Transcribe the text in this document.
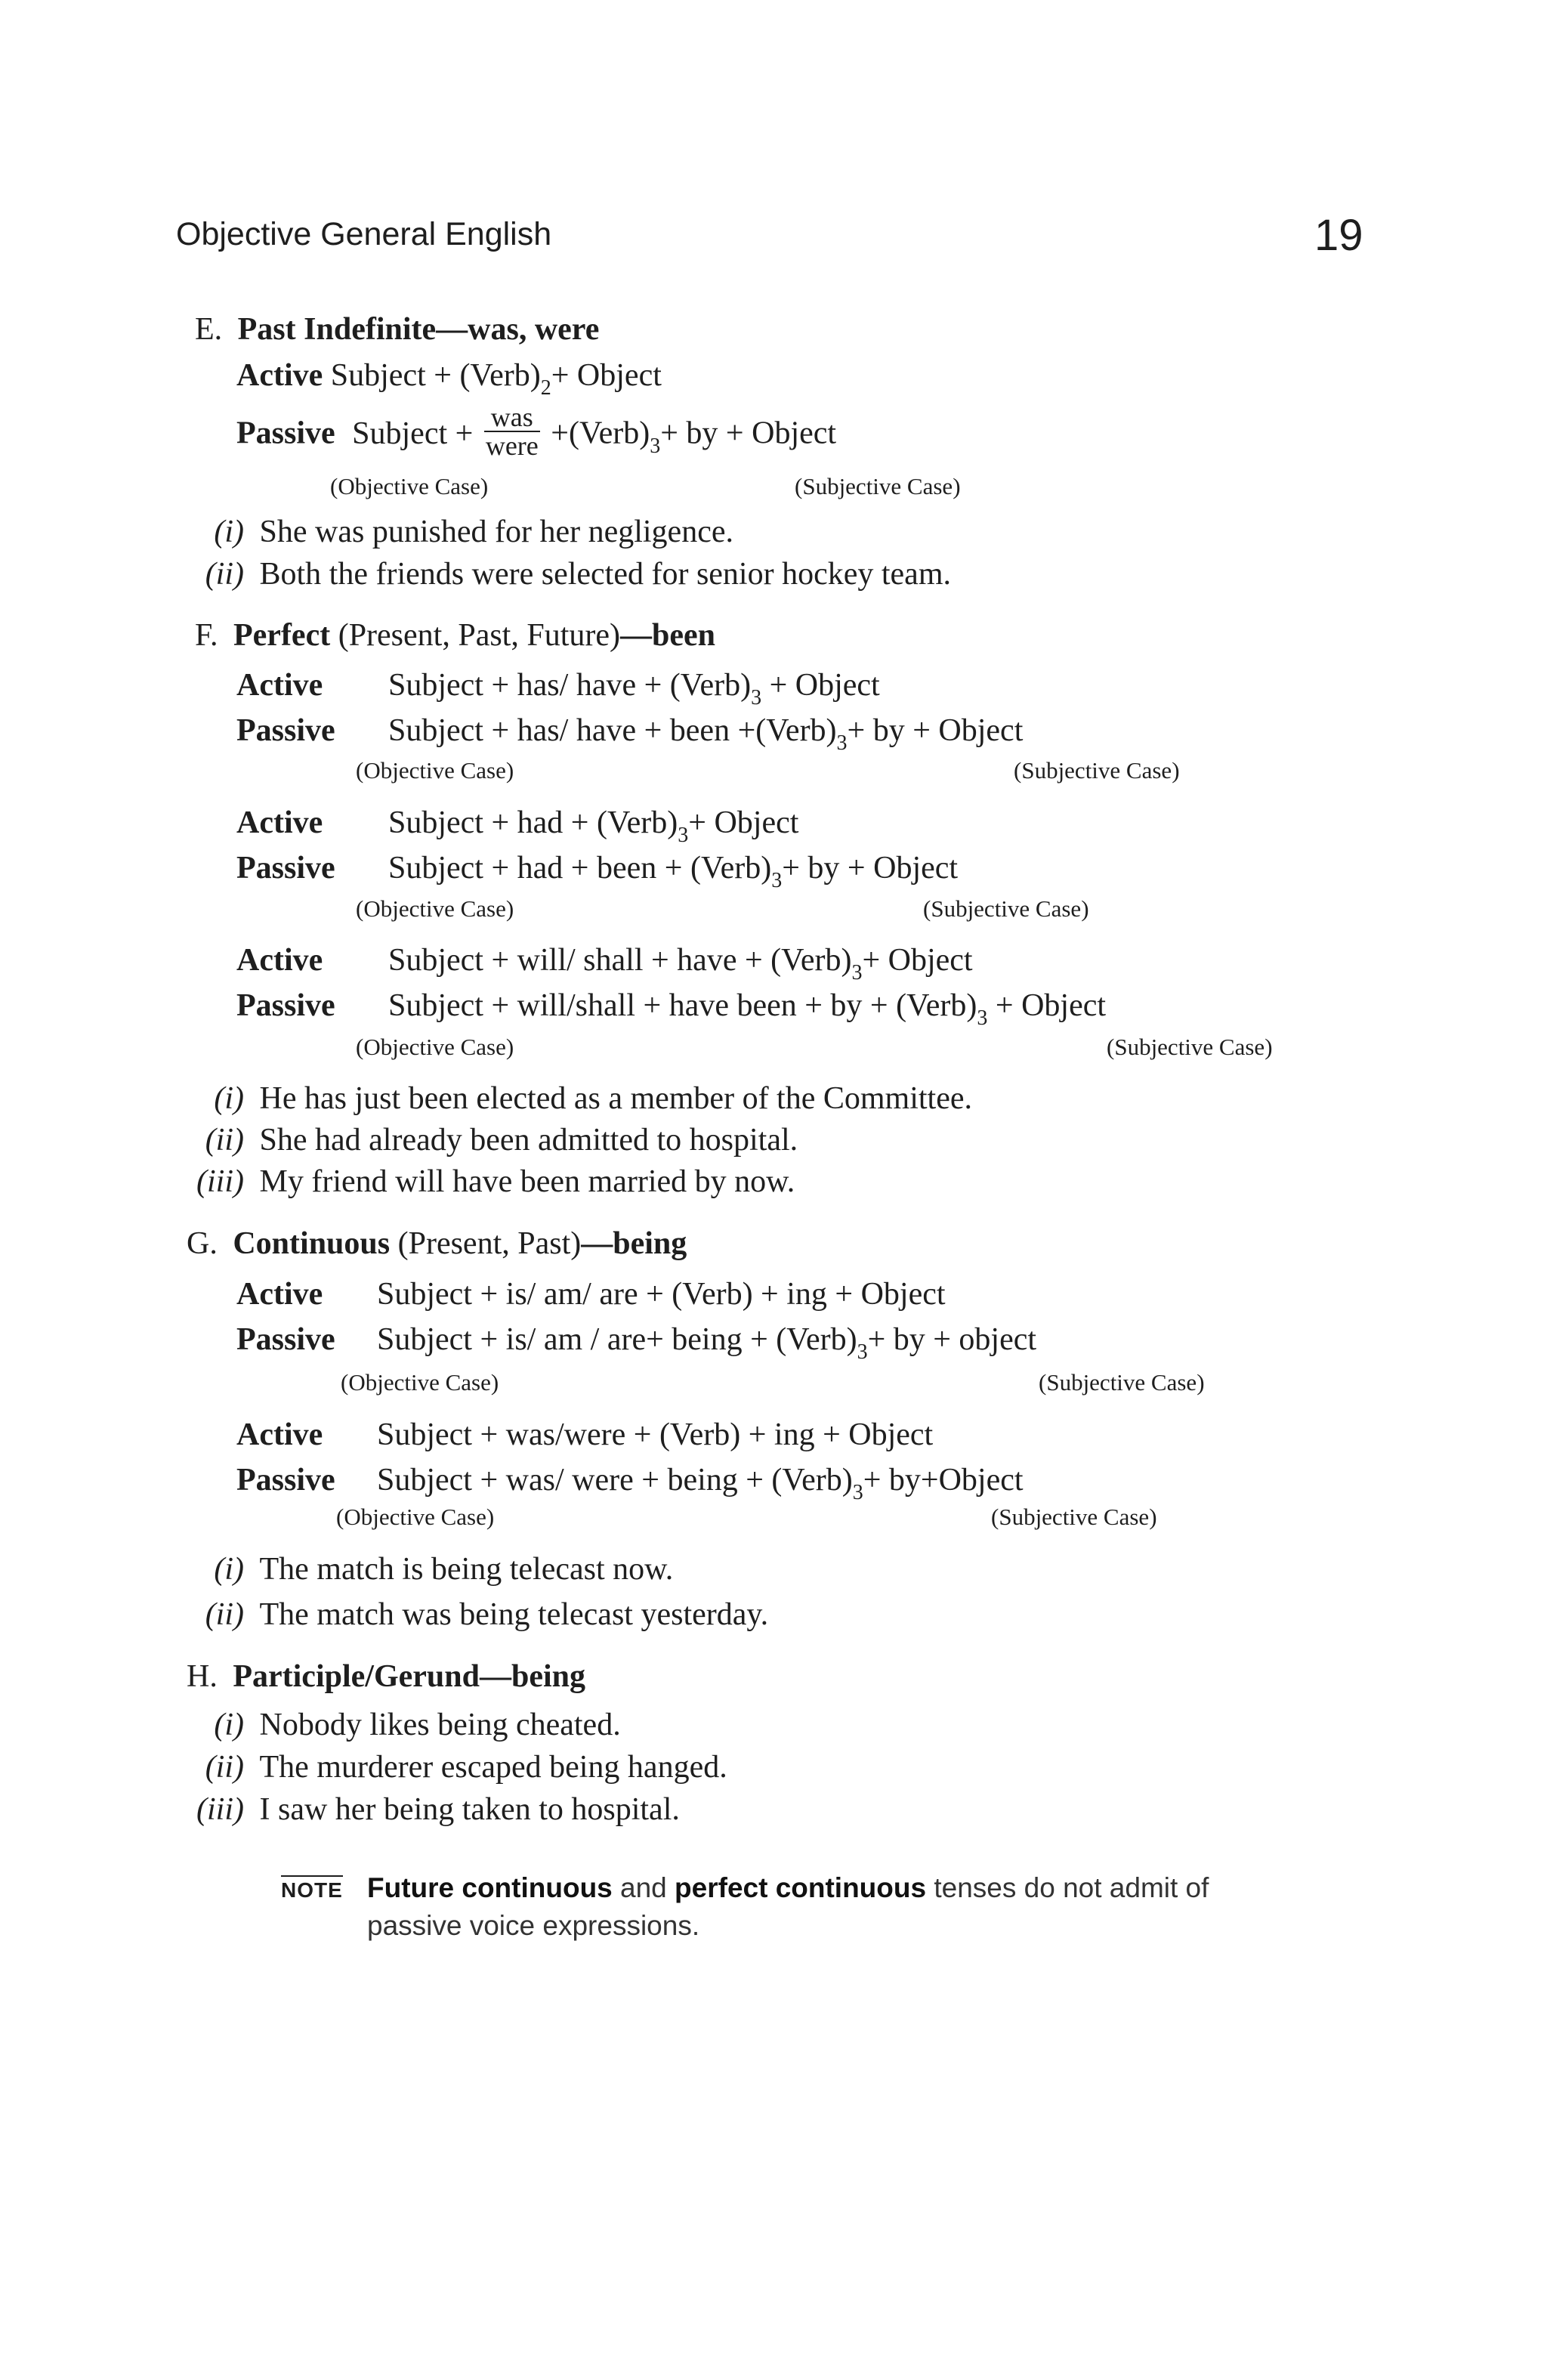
Objective General English	19
E. Past Indefinite—was, were
Active Subject + $(Verb)_2+$ Object
Passive Subject + $\frac{\text{was}}{\text{were}}$ $+(Verb)_3+$ by + Object
(Objective Case)	(Subjective Case)
(i) She was punished for her negligence.
(ii) Both the friends were selected for senior hockey team.
F. Perfect (Present, Past, Future)—been
Active Subject + has/ have + $(Verb)_3$ + Object
Passive Subject + has/ have + been $+(Verb)_3+$ by + Object
(Objective Case)	(Subjective Case)
Active Subject + had + $(Verb)_3+$ Object
Passive Subject + had + been + $(Verb)_3+$ by + Object
(Objective Case)	(Subjective Case)
Active Subject + will/ shall + have + $(Verb)_3+$ Object
Passive Subject + will/shall + have been + by + $(Verb)_3$ + Object
(Objective Case)	(Subjective Case)
(i) He has just been elected as a member of the Committee.
(ii) She had already been admitted to hospital.
(iii) My friend will have been married by now.
G. Continuous (Present, Past)—being
Active Subject + is/ am/ are + (Verb) + ing + Object
Passive Subject + is/ am / are+ being + $(Verb)_3+$ by + object
(Objective Case)	(Subjective Case)
Active Subject + was/were + (Verb) + ing + Object
Passive Subject + was/ were + being + $(Verb)_3+$ by+Object
(Objective Case)	(Subjective Case)
(i) The match is being telecast now.
(ii) The match was being telecast yesterday.
H. Participle/Gerund—being
(i) Nobody likes being cheated.
(ii) The murderer escaped being hanged.
(iii) I saw her being taken to hospital.
NOTE Future continuous and perfect continuous tenses do not admit of
passive voice expressions.
